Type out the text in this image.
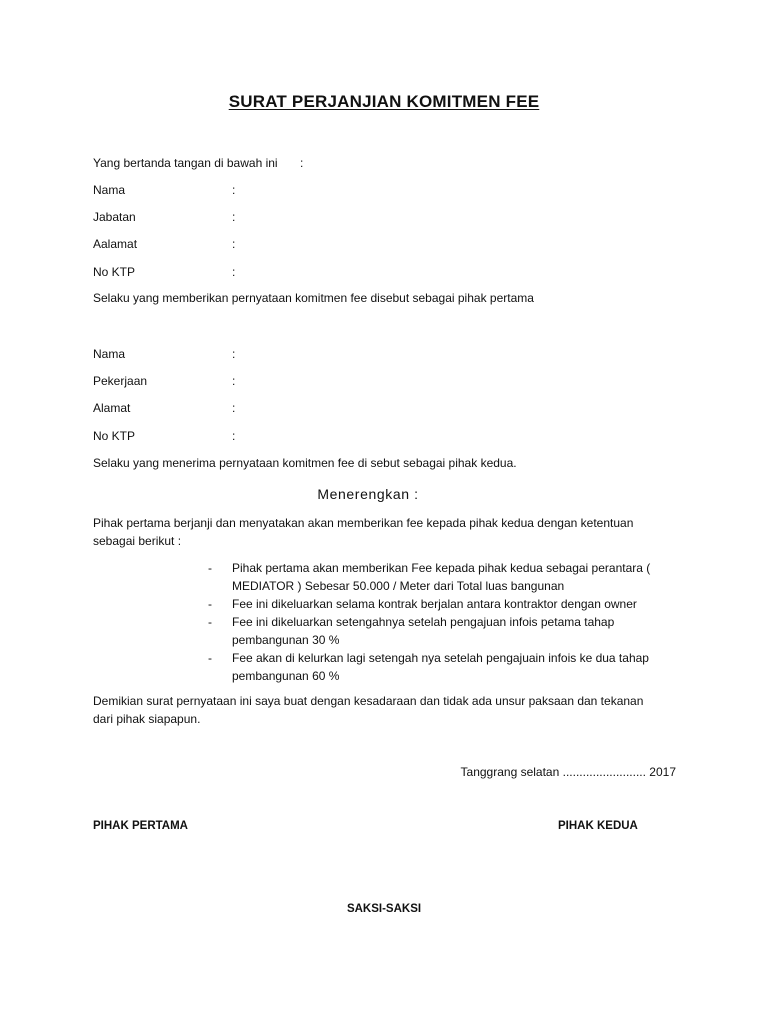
SURAT PERJANJIAN KOMITMEN FEE
Yang bertanda tangan di bawah ini :
Nama	:
Jabatan	:
Aalamat	:
No KTP	:
Selaku yang memberikan pernyataan komitmen fee disebut sebagai pihak pertama
Nama	:
Pekerjaan	:
Alamat	:
No KTP	:
Selaku yang menerima pernyataan komitmen fee di sebut sebagai pihak kedua.
Menerengkan :
Pihak pertama berjanji dan menyatakan akan memberikan fee kepada pihak kedua dengan ketentuan sebagai berikut :
- Pihak pertama akan memberikan Fee kepada pihak kedua sebagai perantara ( MEDIATOR ) Sebesar 50.000 / Meter dari Total luas bangunan
- Fee ini dikeluarkan selama kontrak berjalan antara kontraktor dengan owner
- Fee ini dikeluarkan setengahnya setelah pengajuan infois petama tahap pembangunan 30 %
- Fee akan di kelurkan lagi setengah nya setelah pengajuain infois ke dua tahap pembangunan 60 %
Demikian surat pernyataan ini saya buat dengan kesadaraan dan tidak ada unsur paksaan dan tekanan dari pihak siapapun.
Tanggrang selatan ......................... 2017
PIHAK PERTAMA	PIHAK KEDUA
SAKSI-SAKSI
